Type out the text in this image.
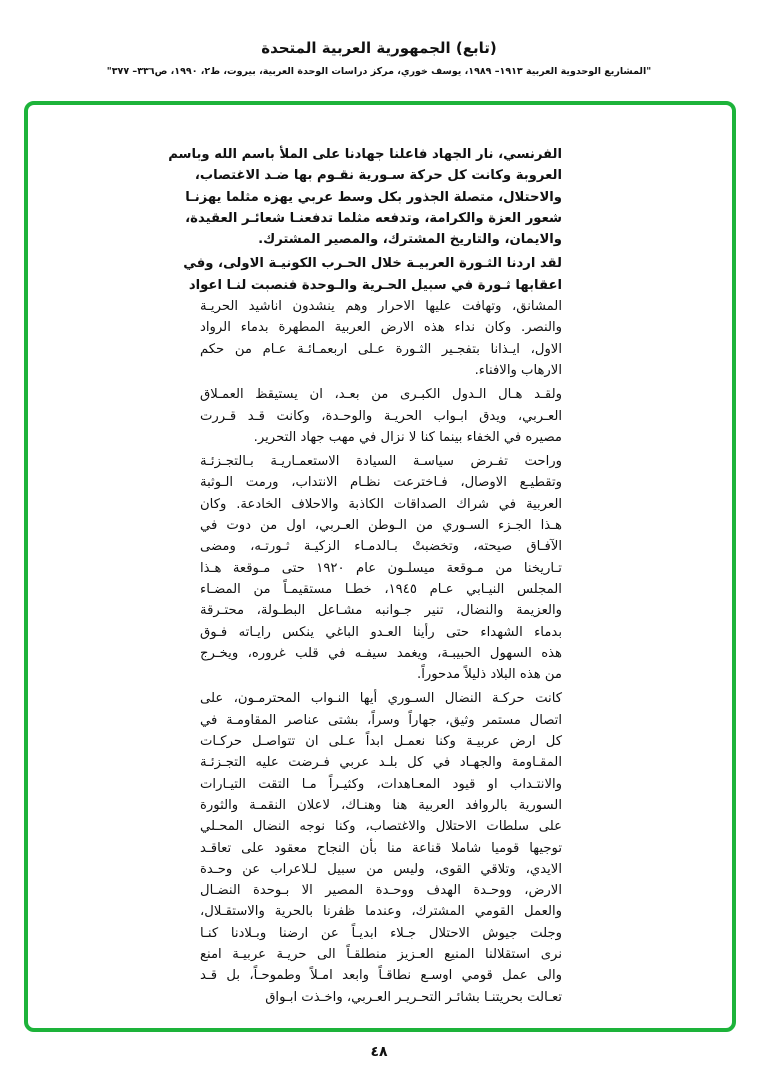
(تابع) الجمهورية العربية المتحدة
"المشاريع الوحدوية العربية ١٩١٣– ١٩٨٩، يوسف خوري، مركز دراسات الوحدة العربية، بيروت، ط٢، ١٩٩٠، ص٣٣٦– ٣٧٧"
الفرنسي، نار الجهاد فاعلنا جهادنا على الملأ باسم الله وباسم
العروبة وكانت كل حركة سـورية نقـوم بها ضـد الاغتصاب،
والاحتلال، متصلة الجذور بكل وسط عربي يهزه مثلما يهزنـا
شعور العزة والكرامة، وتدفعه مثلما تدفعنـا شعائـر العقيدة،
والايمان، والتاريخ المشترك، والمصير المشترك.
لقد اردنا الثـورة العربيـة خلال الحـرب الكونيـة الاولى، وفي
اعقابها ثـورة في سبيل الحـرية والـوحدة فنصبت لنـا اعواد
المشانق، وتهافت عليها الاحرار وهم ينشدون اناشيد الحريـة
والنصر. وكان نداء هذه الارض العربية المطهرة بدماء الرواد
الاول، ايـذانا بتفجـير الثـورة عـلى اربعمـائـة عـام من حكم
الارهاب والافناء.
ولقـد هـال الـدول الكبـرى من بعـد، ان يستيقظ العمـلاق
العـربي، ويدق ابـواب الحريـة والوحـدة، وكانت قـد قـررت
مصيره في الخفاء بينما كنا لا نزال في مهب جهاد التحرير.
وراحت تفـرض سياسـة السيادة الاستعمـاريـة بـالتجـزئـة
وتقطيـع الاوصال، فـاخترعت نظـام الانتداب، ورمت الـوثبة
العربية في شراك الصداقات الكاذبة والاحلاف الخادعة. وكان
هـذا الجـزء السـوري من الـوطن العـربي، اول من دوت في
الآفـاق صيحته، وتخضبتْ بـالدمـاء الزكيـة ثـورتـه، ومضى
تـاريخنا من مـوقعة ميسلـون عام ١٩٢٠ حتى مـوقعة هـذا
المجلس النيـابي عـام ١٩٤٥، خطـا مستقيمـاً من المضـاء
والعزيمة والنضال، تنير جـوانبه مشـاعل البطـولة، محتـرقة
بدماء الشهداء حتى رأينا العـدو الباغي ينكس رايـاته فـوق
هذه السهول الحبيبـة، ويغمد سيفـه في قلب غروره، ويخـرج
من هذه البلاد ذليلاً مدحوراً.
كانت حركـة النضال السـوري أيها النـواب المحترمـون، على
اتصال مستمر وثيق، جهاراً وسراً، بشتى عناصر المقاومـة في
كل ارض عربيـة وكنا نعمـل ابداً عـلى ان تتواصـل حركـات
المقـاومة والجهـاد في كل بلـد عربي فـرضت عليه التجـزئـة
والانتـداب او قيود المعـاهدات، وكثيـراً مـا التقت التيـارات
السورية بالروافد العربية هنا وهنـاك، لاعلان النقمـة والثورة
على سلطات الاحتلال والاغتصاب، وكنا نوجه النضال المحـلي
توجيها قوميا شاملا قناعة منا بأن النجاح معقود على تعاقـد
الايدي، وتلاقي القوى، وليس من سبيل لـلاعراب عن وحـدة
الارض، ووحـدة الهدف ووحـدة المصير الا بـوحدة النضـال
والعمل القومي المشترك، وعندما ظفرنا بالحرية والاستقـلال،
وجلت جيوش الاحتلال جـلاء ابديـاً عن ارضنا وبـلادنا كنـا
نرى استقلالنا المنيع العـزيز منطلقـاً الى حريـة عربيـة امنع
والى عمل قومي اوسـع نطاقـاً وابعد امـلاً وطموحـاً، بل قـد
تعـالت بحريتنـا بشائـر التحـريـر العـربي، واخـذت ابـواق
٤٨
